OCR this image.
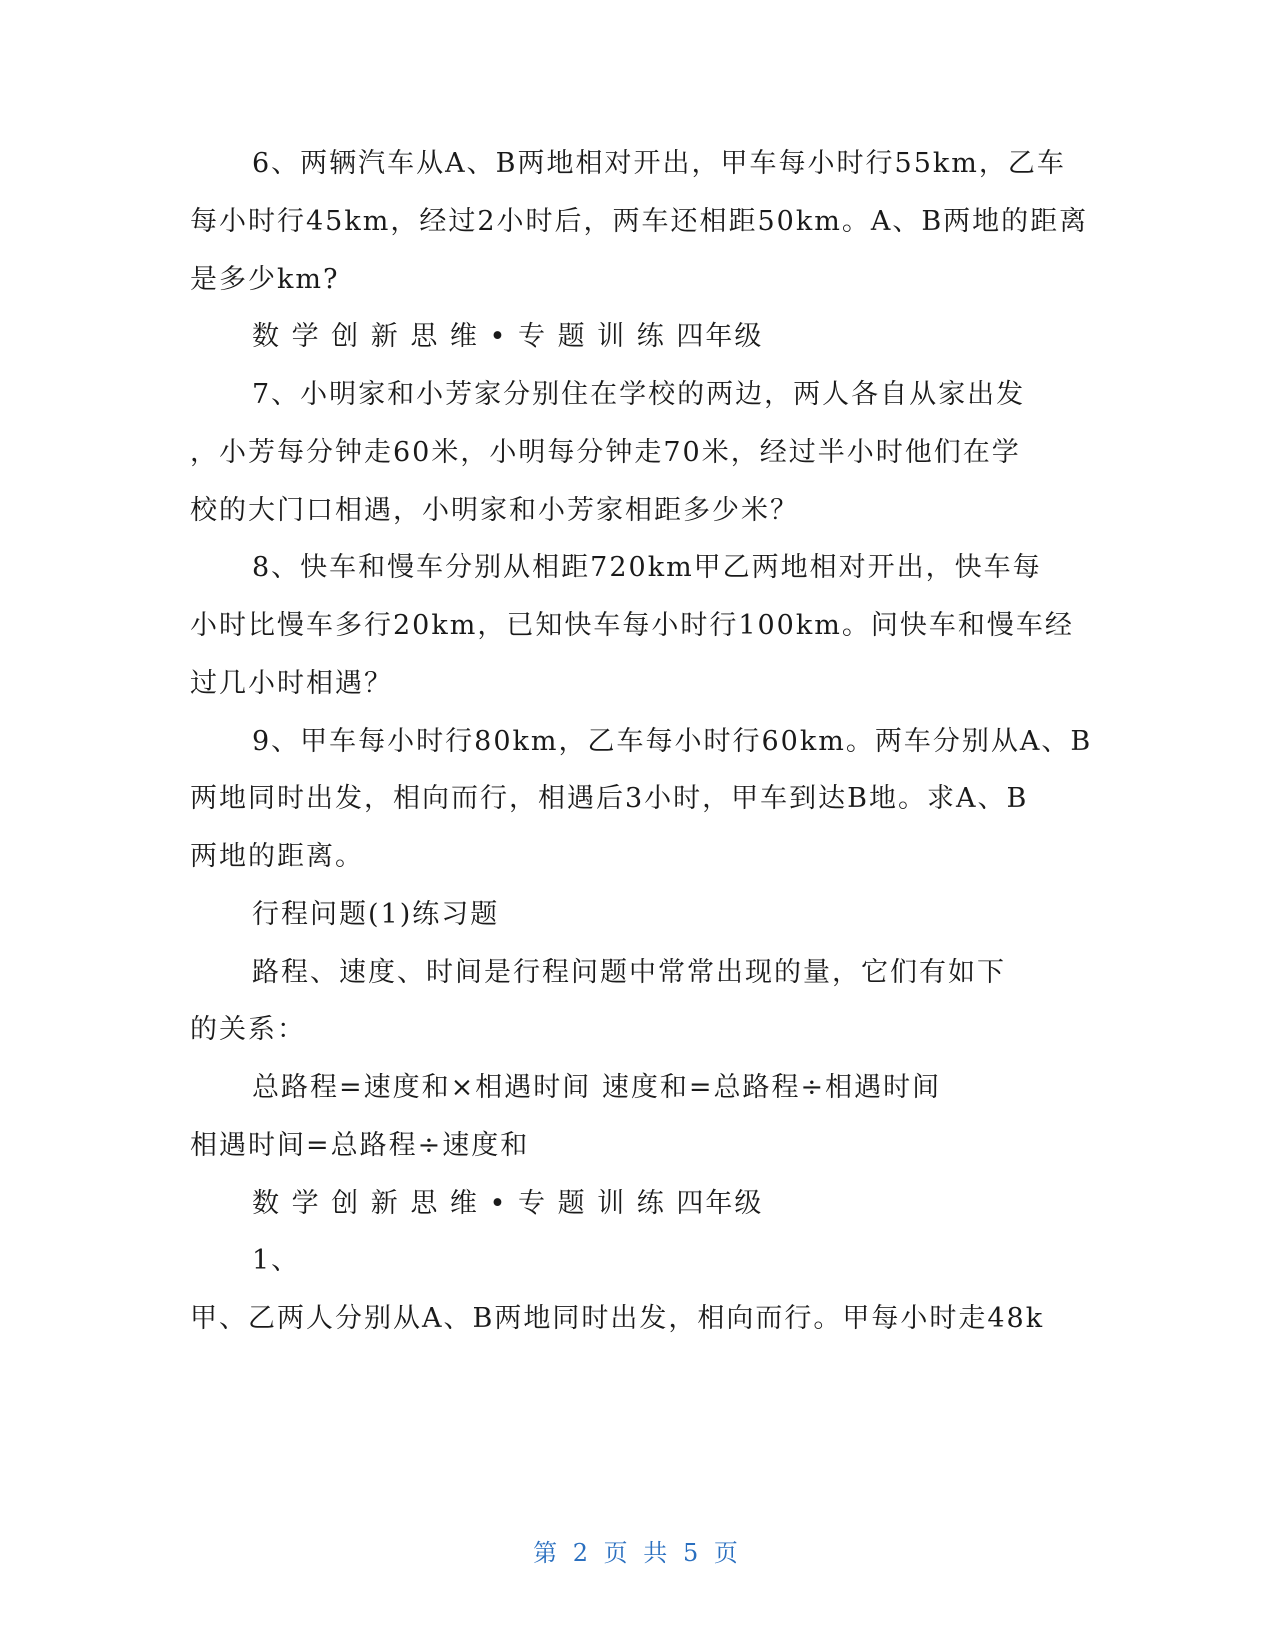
6、两辆汽车从A、B两地相对开出，甲车每小时行55km，乙车
每小时行45km，经过2小时后，两车还相距50km。A、B两地的距离
是多少km?
数 学 创 新 思 维 • 专 题 训 练 四年级
7、小明家和小芳家分别住在学校的两边，两人各自从家出发
，小芳每分钟走60米，小明每分钟走70米，经过半小时他们在学
校的大门口相遇，小明家和小芳家相距多少米？
8、快车和慢车分别从相距720km甲乙两地相对开出，快车每
小时比慢车多行20km，已知快车每小时行100km。问快车和慢车经
过几小时相遇？
9、甲车每小时行80km，乙车每小时行60km。两车分别从A、B
两地同时出发，相向而行，相遇后3小时，甲车到达B地。求A、B
两地的距离。
行程问题(1)练习题
路程、速度、时间是行程问题中常常出现的量，它们有如下
的关系：
总路程=速度和×相遇时间 速度和=总路程÷相遇时间
相遇时间=总路程÷速度和
数 学 创 新 思 维 • 专 题 训 练 四年级
1、
甲、乙两人分别从A、B两地同时出发，相向而行。甲每小时走48k
第 2 页 共 5 页
